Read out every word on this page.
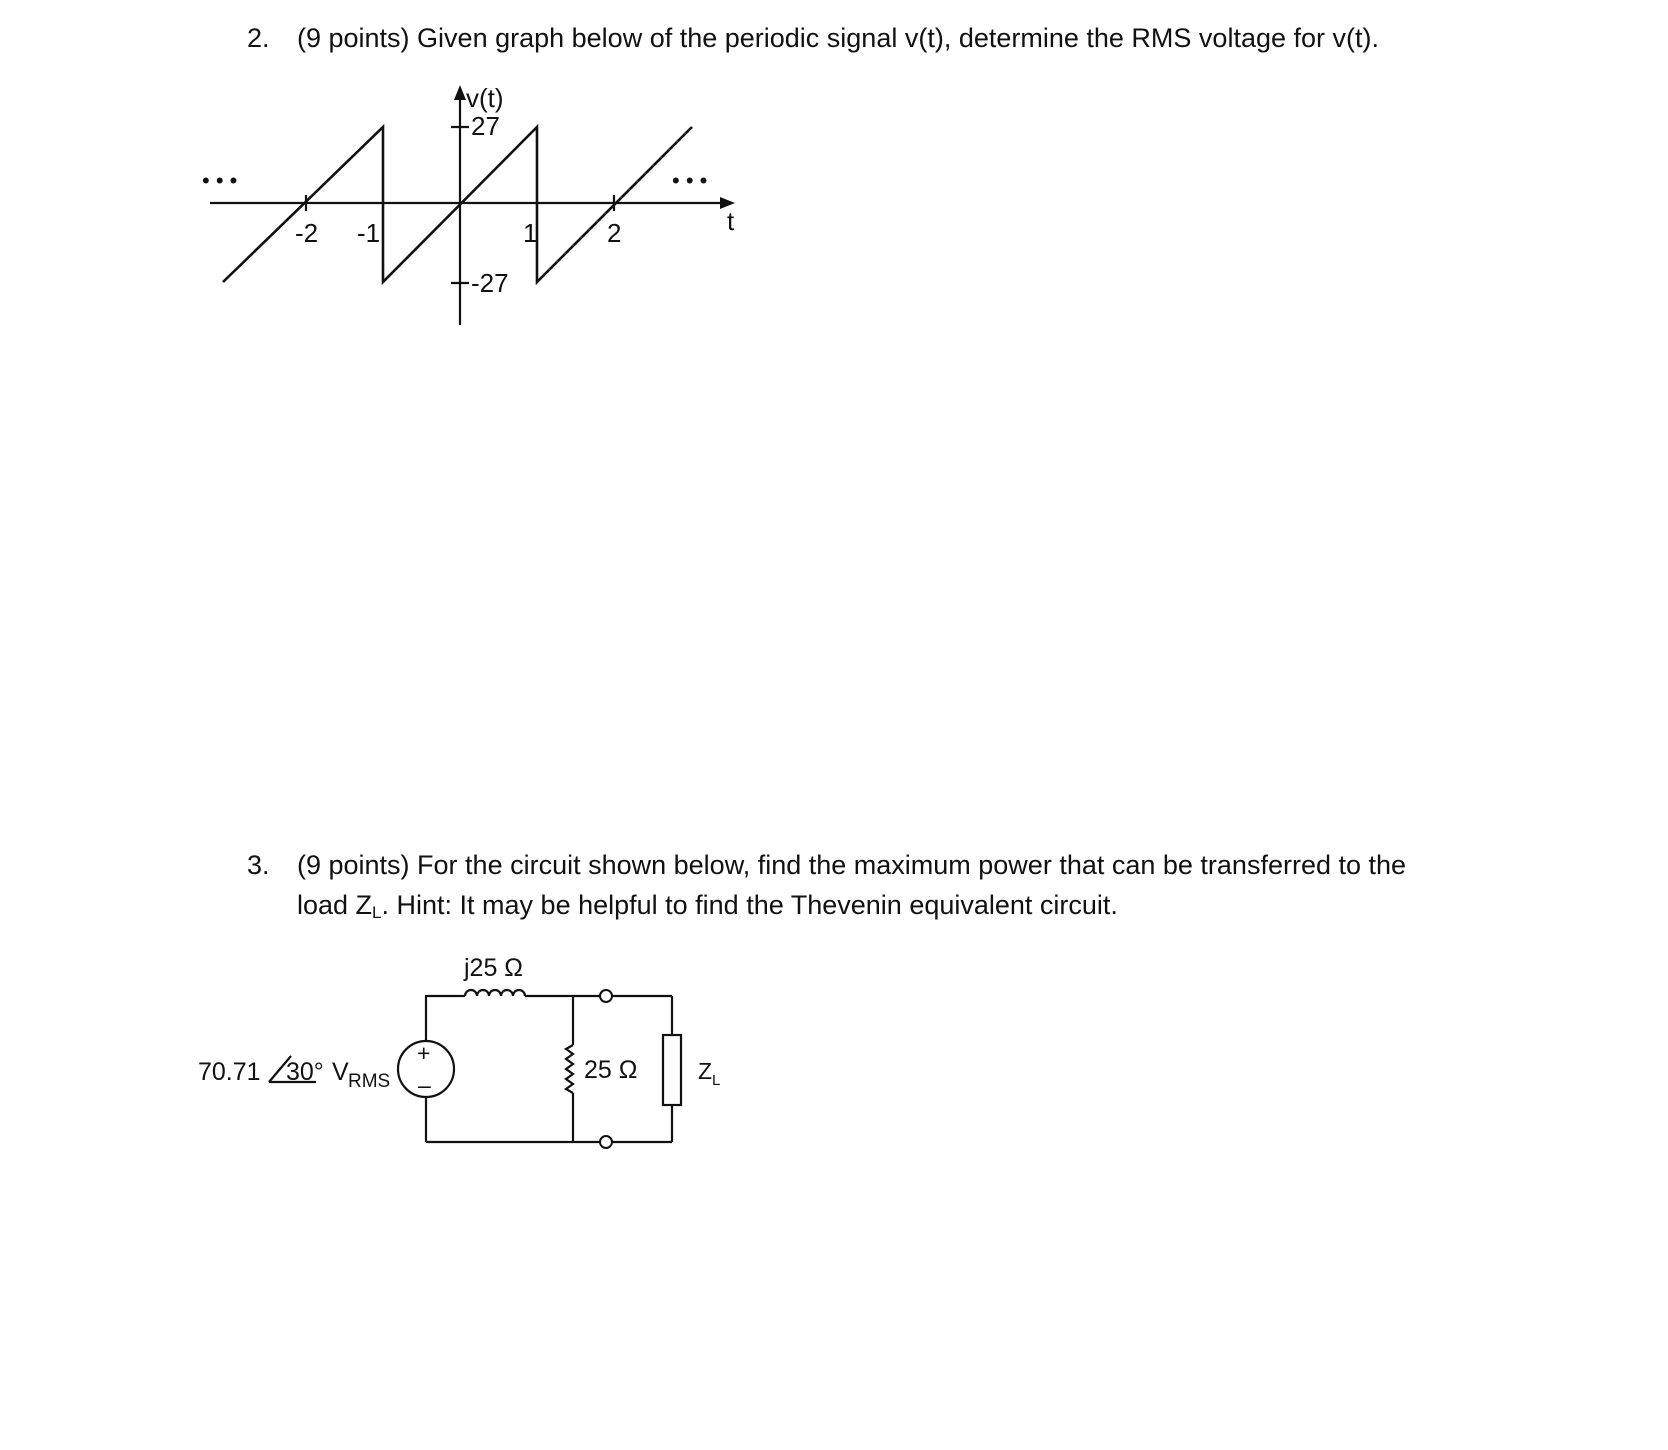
2. (9 points) Given graph below of the periodic signal v(t), determine the RMS voltage for v(t).
v(t)
27
-27
t
-2 -1	1	2
• • •	• • •
3. (9 points) For the circuit shown below, find the maximum power that can be transferred to the
load $Z_L$. Hint: It may be helpful to find the Thevenin equivalent circuit.
70.71 30° V RMS
+
–
j25 Ω
25 Ω	Z L
